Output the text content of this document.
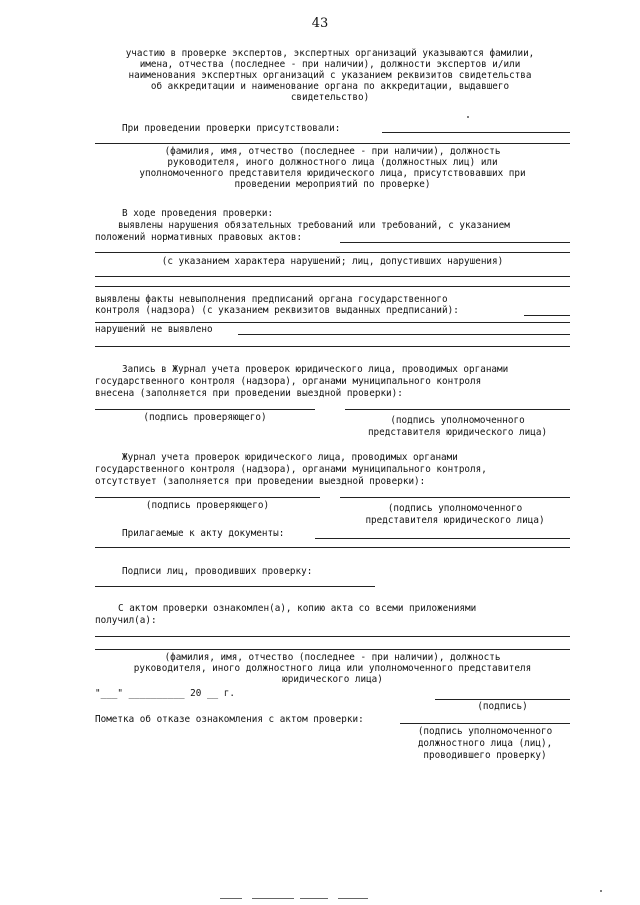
43
участию в проверке экспертов, экспертных организаций указываются фамилии,
имена, отчества (последнее - при наличии), должности экспертов и/или
наименования экспертных организаций с указанием реквизитов свидетельства
об аккредитации и наименование органа по аккредитации, выдавшего
свидетельство)
При проведении проверки присутствовали:
(фамилия, имя, отчество (последнее - при наличии), должность
руководителя, иного должностного лица (должностных лиц) или
уполномоченного представителя юридического лица, присутствовавших при
проведении мероприятий по проверке)
В ходе проведения проверки:
выявлены нарушения обязательных требований или требований, с указанием
положений нормативных правовых актов:
(с указанием характера нарушений; лиц, допустивших нарушения)
выявлены факты невыполнения предписаний органа государственного
контроля (надзора) (с указанием реквизитов выданных предписаний):
нарушений не выявлено
Запись в Журнал учета проверок юридического лица, проводимых органами
государственного контроля (надзора), органами муниципального контроля
внесена (заполняется при проведении выездной проверки):
(подпись проверяющего)	(подпись уполномоченного
представителя юридического лица)
Журнал учета проверок юридического лица, проводимых органами
государственного контроля (надзора), органами муниципального контроля,
отсутствует (заполняется при проведении выездной проверки):
(подпись проверяющего)	(подпись уполномоченного
представителя юридического лица)
Прилагаемые к акту документы:
Подписи лиц, проводивших проверку:
С актом проверки ознакомлен(а), копию акта со всеми приложениями
получил(а):
(фамилия, имя, отчество (последнее - при наличии), должность
руководителя, иного должностного лица или уполномоченного представителя
юридического лица)
"___" __________ 20 __ г.
(подпись)
Пометка об отказе ознакомления с актом проверки:
(подпись уполномоченного
должностного лица (лиц),
проводившего проверку)
